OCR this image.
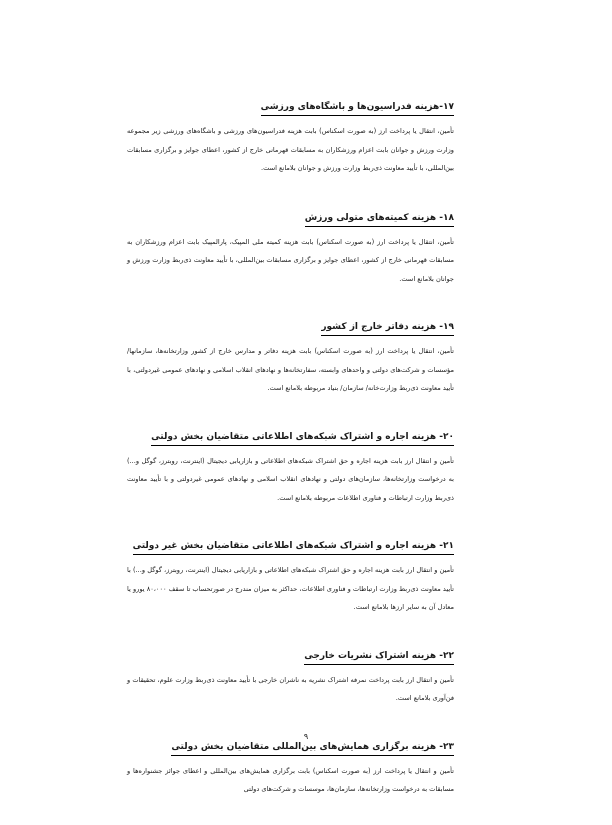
۱۷-هزینه فدراسیون‌ها و باشگاه‌های ورزشی

تأمین، انتقال یا پرداخت ارز (به صورت اسکناس) بابت هزینه فدراسیون‌های ورزشی و باشگاه‌های ورزشی زیر مجموعه وزارت ورزش و جوانان بابت اعزام ورزشکاران به مسابقات قهرمانی خارج از کشور، اعطای جوایز و برگزاری مسابقات بین‌المللی، با تأیید معاونت ذی‌ربط وزارت ورزش و جوانان بلامانع است.

۱۸- هزینه کمیته‌های متولی ورزش

تأمین، انتقال یا پرداخت ارز (به صورت اسکناس) بابت هزینه کمیته ملی المپیک، پارالمپیک بابت اعزام ورزشکاران به مسابقات قهرمانی خارج از کشور، اعطای جوایز و برگزاری مسابقات بین‌المللی، با تأیید معاونت ذی‌ربط وزارت ورزش و جوانان بلامانع است.

۱۹- هزینه دفاتر خارج از کشور

تأمین، انتقال یا پرداخت ارز (به صورت اسکناس) بابت هزینه دفاتر و مدارس خارج از کشور وزارتخانه‌ها، سازمانها/مؤسسات و شرکت‌های دولتی و واحدهای وابسته، سفارتخانه‌ها و نهادهای انقلاب اسلامی و نهادهای عمومی غیردولتی، با تأیید معاونت ذی‌ربط وزارت‌خانه/ سازمان/ بنیاد مربوطه بلامانع است.

۲۰- هزینه اجاره و اشتراک شبکه‌های اطلاعاتی متقاضیان بخش دولتی

تأمین و انتقال ارز بابت هزینه اجاره و حق اشتراک شبکه‌های اطلاعاتی و بازاریابی دیجیتال (اینترنت، روبترز، گوگل و...) به درخواست وزارتخانه‌ها، سازمان‌های دولتی و نهادهای انقلاب اسلامی و نهادهای عمومی غیردولتی و با تأیید معاونت ذی‌ربط وزارت ارتباطات و فناوری اطلاعات مربوطه بلامانع است.

۲۱- هزینه اجاره و اشتراک شبکه‌های اطلاعاتی متقاضیان بخش غیر دولتی

تأمین و انتقال ارز بابت هزینه اجاره و حق اشتراک شبکه‌های اطلاعاتی و بازاریابی دیجیتال (اینترنت، روبترز، گوگل و...) با تأیید معاونت ذی‌ربط وزارت ارتباطات و فناوری اطلاعات، حداکثر به میزان مندرج در صورتحساب تا سقف ۸۰،۰۰۰ یورو یا معادل آن به سایر ارزها بلامانع است.

۲۲- هزینه اشتراک نشریات خارجی

تأمین و انتقال ارز بابت پرداخت نمرفه اشتراک نشریه به ناشران خارجی با تأیید معاونت ذی‌ربط وزارت علوم، تحقیقات و فن‌آوری بلامانع است.

۲۳- هزینه برگزاری همایش‌های بین‌المللی متقاضیان بخش دولتی

تأمین و انتقال یا پرداخت ارز (به صورت اسکناس) بابت برگزاری همایش‌های بین‌المللی و اعطای جوائز جشنواره‌ها و مسابقات به درخواست وزارتخانه‌ها، سازمان‌ها، موسسات و شرکت‌های دولتی

۹
